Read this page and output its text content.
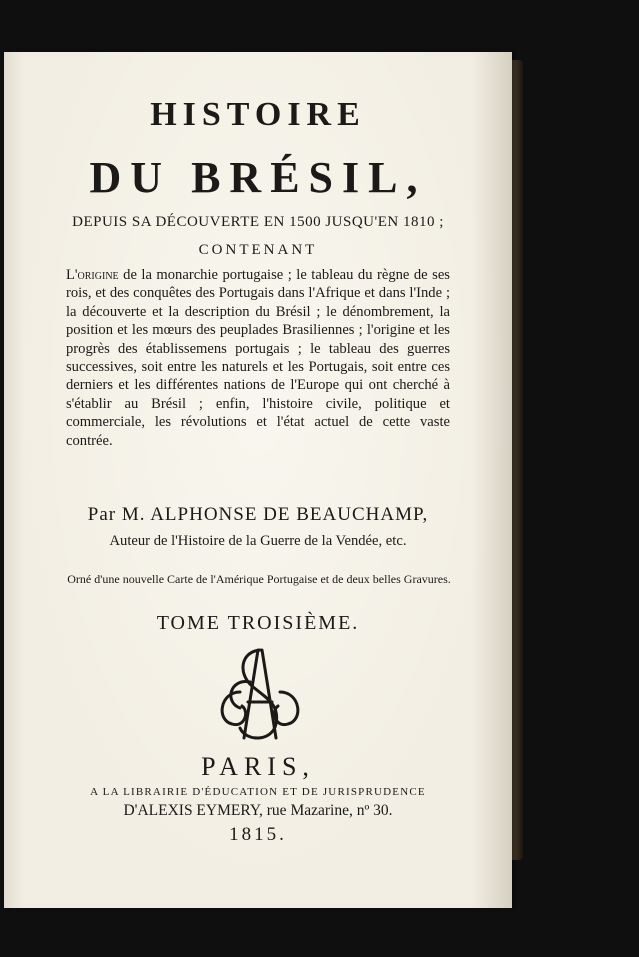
HISTOIRE
DU BRÉSIL,
DEPUIS SA DÉCOUVERTE EN 1500 JUSQU'EN 1810 ;
CONTENANT
L'origine de la monarchie portugaise ; le tableau du règne de ses rois, et des conquêtes des Portugais dans l'Afrique et dans l'Inde ; la découverte et la description du Brésil ; le dénombrement, la position et les mœurs des peuplades Brasiliennes ; l'origine et les progrès des établissemens portugais ; le tableau des guerres successives, soit entre les naturels et les Portugais, soit entre ces derniers et les différentes nations de l'Europe qui ont cherché à s'établir au Brésil ; enfin, l'histoire civile, politique et commerciale, les révolutions et l'état actuel de cette vaste contrée.
Par M. ALPHONSE DE BEAUCHAMP,
Auteur de l'Histoire de la Guerre de la Vendée, etc.
Orné d'une nouvelle Carte de l'Amérique Portugaise et de deux belles Gravures.
TOME TROISIÈME.
PARIS,
A LA LIBRAIRIE D'ÉDUCATION ET DE JURISPRUDENCE
D'ALEXIS EYMERY, rue Mazarine, nº 30.
1815.
